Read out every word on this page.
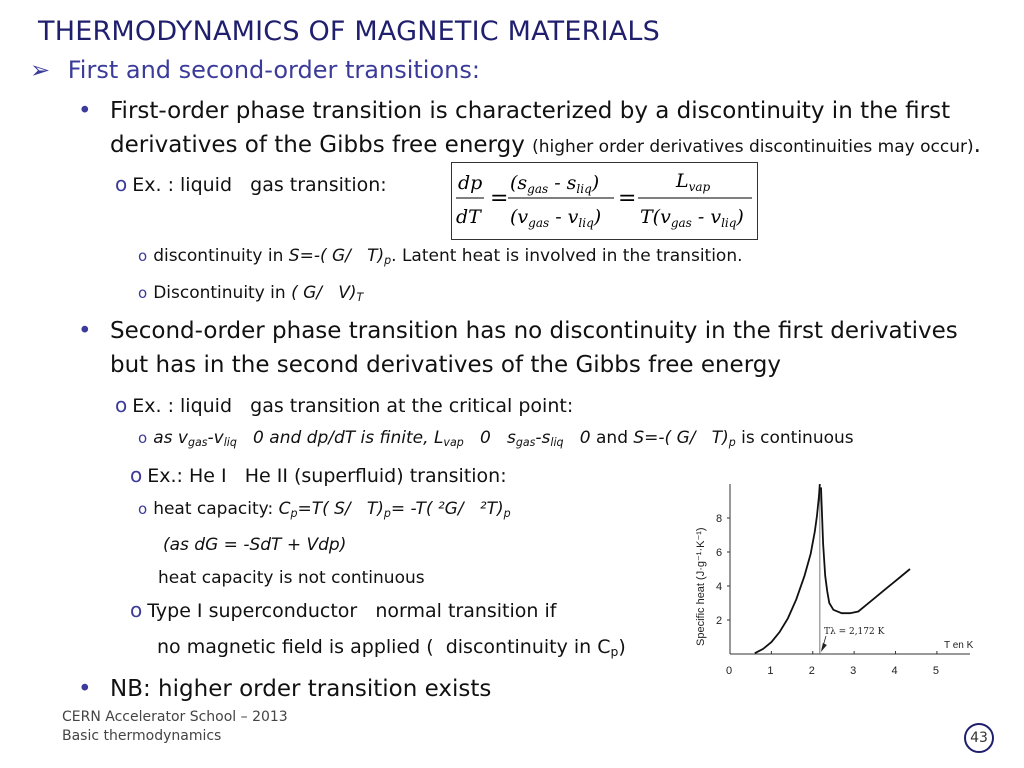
THERMODYNAMICS OF MAGNETIC MATERIALS
➢ First and second-order transitions:
• First-order phase transition is characterized by a discontinuity in the first
derivatives of the Gibbs free energy (higher order derivatives discontinuities may occur).
o Ex. : liquid   gas transition:	dp
dT
=
$(s_{gas} - s_{liq})$
$(v_{gas} - v_{liq})$
=
$L_{vap}$
$T(v_{gas} - v_{liq})$
o discontinuity in S=-( G/   $T)_p$. Latent heat is involved in the transition.
o Discontinuity in ( G/   $V)_T$
• Second-order phase transition has no discontinuity in the first derivatives
but has in the second derivatives of the Gibbs free energy
o Ex. : liquid   gas transition at the critical point:
o as $v_{gas}-v_{liq}$   0 and dp/dT is finite, $L_{vap}$   0   $s_{gas}-s_{liq}$   0 and S=-( G/   $T)_p$ is continuous
o Ex.: He I   He II (superfluid) transition:
o heat capacity: $C_p=T$( S/   $T)_p= -T$( ²G/   $^2T)_p$
(as dG = -SdT + Vdp)
heat capacity is not continuous
o Type I superconductor   normal transition if
no magnetic field is applied (  discontinuity in $C_p$)
• NB: higher order transition exists
2
4
6
8
0	1	2	3	4	5
Specific heat (J·g⁻¹·K⁻¹)	T en K
Tλ = 2,172 K
CERN Accelerator School – 2013
Basic thermodynamics	43
